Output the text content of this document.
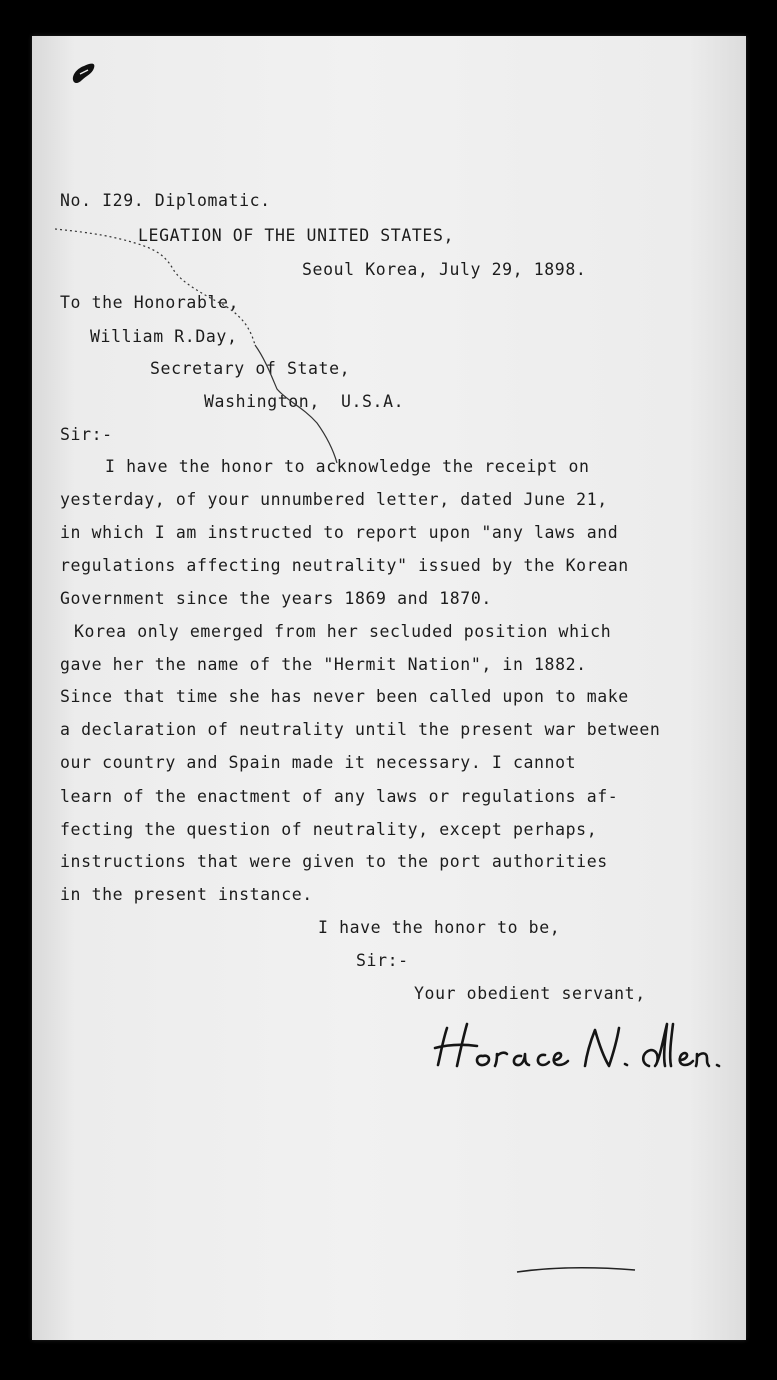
No. I29. Diplomatic.
LEGATION OF THE UNITED STATES,
Seoul Korea, July 29, 1898.
To the Honorable,
William R.Day,
Secretary of State,
Washington,  U.S.A.
Sir:-
I have the honor to acknowledge the receipt on
yesterday, of your unnumbered letter, dated June 21,
in which I am instructed to report upon "any laws and
regulations affecting neutrality" issued by the Korean
Government since the years 1869 and 1870.
Korea only emerged from her secluded position which
gave her the name of the "Hermit Nation", in 1882.
Since that time she has never been called upon to make
a declaration of neutrality until the present war between
our country and Spain made it necessary. I cannot
learn of the enactment of any laws or regulations af-
fecting the question of neutrality, except perhaps,
instructions that were given to the port authorities
in the present instance.
I have the honor to be,
Sir:-
Your obedient servant,
